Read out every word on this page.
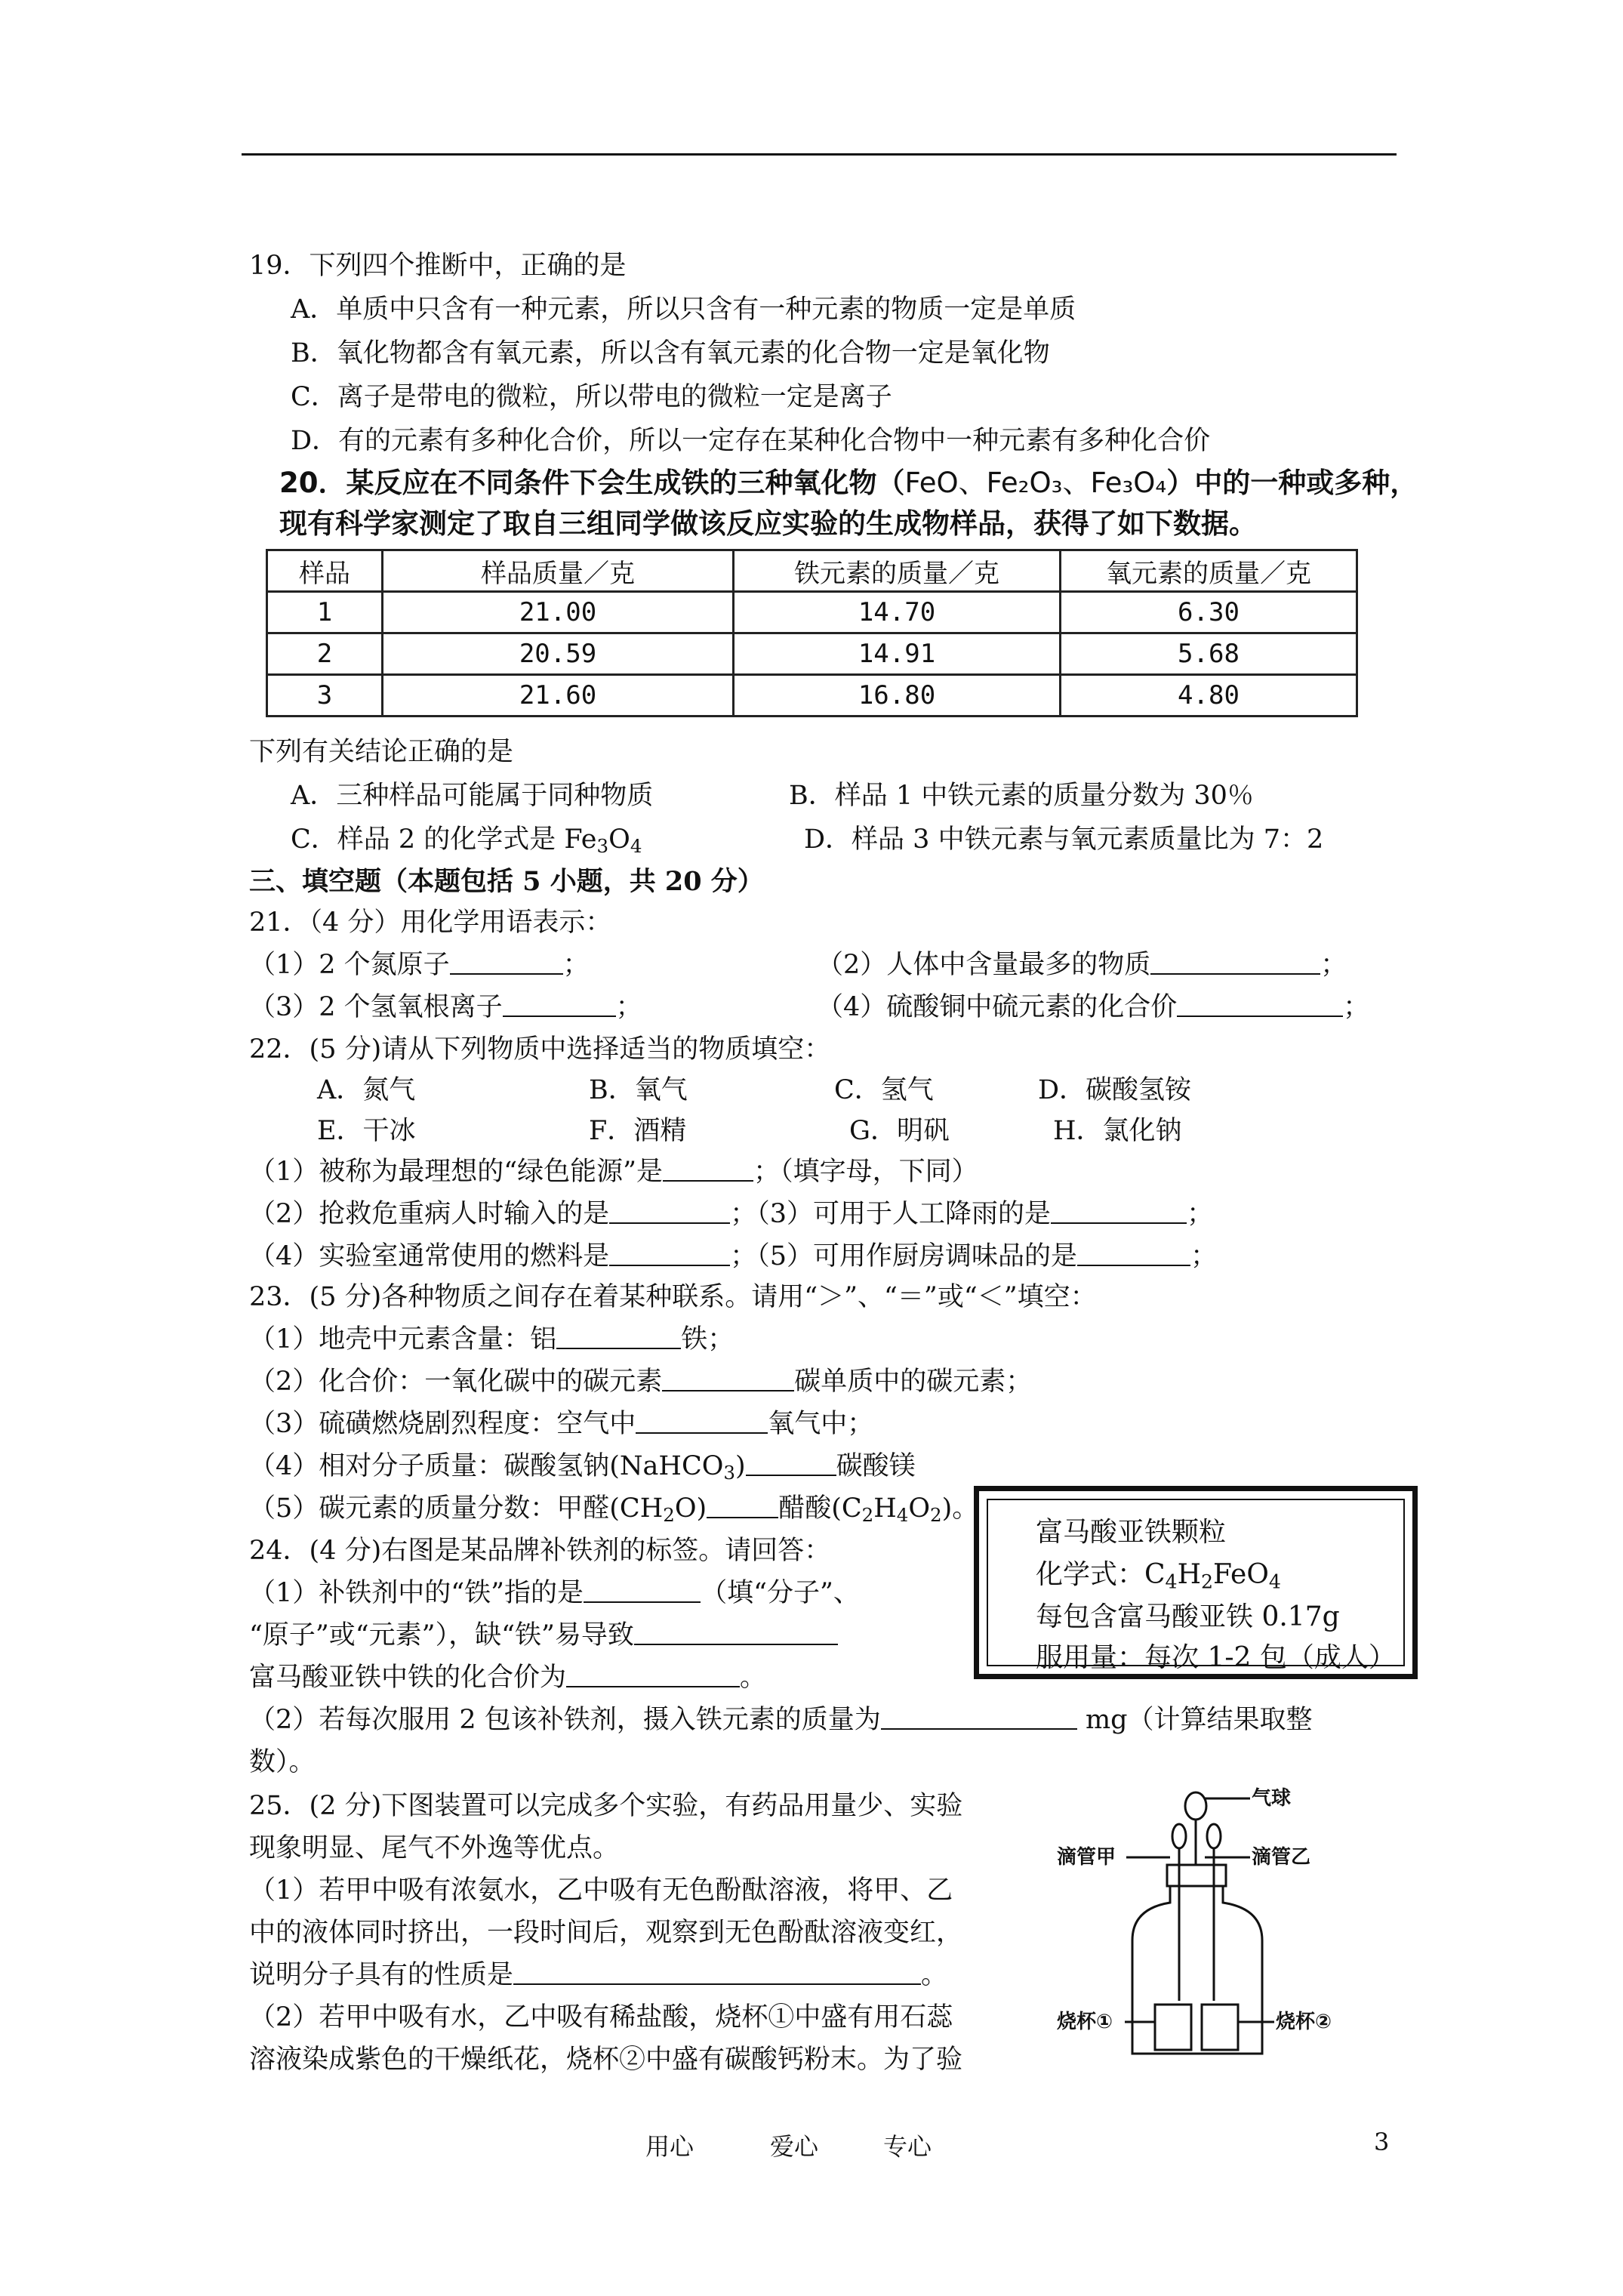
19．下列四个推断中，正确的是
A．单质中只含有一种元素，所以只含有一种元素的物质一定是单质
B．氧化物都含有氧元素，所以含有氧元素的化合物一定是氧化物
C．离子是带电的微粒，所以带电的微粒一定是离子
D．有的元素有多种化合价，所以一定存在某种化合物中一种元素有多种化合价
20．某反应在不同条件下会生成铁的三种氧化物（FeO、Fe₂O₃、Fe₃O₄）中的一种或多种，
现有科学家测定了取自三组同学做该反应实验的生成物样品，获得了如下数据。
样品	样品质量／克	铁元素的质量／克	氧元素的质量／克
1	21.00	14.70	6.30
2	20.59	14.91	5.68
3	21.60	16.80	4.80
下列有关结论正确的是
A．三种样品可能属于同种物质	B．样品 1 中铁元素的质量分数为 30％
C．样品 2 的化学式是 $Fe_3O_4$	D．样品 3 中铁元素与氧元素质量比为 7：2
三、填空题（本题包括 5 小题，共 20 分）
21．（4 分）用化学用语表示：
（1）2 个氮原子	；	（2）人体中含量最多的物质	；
（3）2 个氢氧根离子	；	（4）硫酸铜中硫元素的化合价	；
22．(5 分)请从下列物质中选择适当的物质填空：
A．氮气	B．氧气	C．氢气	D．碳酸氢铵
E．干冰	F．酒精	G．明矾	H．氯化钠
（1）被称为最理想的“绿色能源”是	；（填字母，下同）
（2）抢救危重病人时输入的是	；（3）可用于人工降雨的是	；
（4）实验室通常使用的燃料是	；（5）可用作厨房调味品的是	；
23．(5 分)各种物质之间存在着某种联系。请用“＞”、“＝”或“＜”填空：
（1）地壳中元素含量：铝	铁；
（2）化合价：一氧化碳中的碳元素	碳单质中的碳元素；
（3）硫磺燃烧剧烈程度：空气中	氧气中；
（4）相对分子质量：碳酸氢钠(NaHCO$_3$)	碳酸镁
（5）碳元素的质量分数：甲醛$(CH_2O)$	醋酸$(C_2H_4O_2)$。
24．(4 分)右图是某品牌补铁剂的标签。请回答：
（1）补铁剂中的“铁”指的是	（填“分子”、
“原子”或“元素”），缺“铁”易导致
富马酸亚铁中铁的化合价为	。
（2）若每次服用 2 包该补铁剂，摄入铁元素的质量为	mg（计算结果取整
数）。
富马酸亚铁颗粒
化学式：$C_4H_2FeO_4$
每包含富马酸亚铁 0.17g
服用量：每次 1-2 包（成人）
25．(2 分)下图装置可以完成多个实验，有药品用量少、实验
现象明显、尾气不外逸等优点。
（1）若甲中吸有浓氨水，乙中吸有无色酚酞溶液，将甲、乙
中的液体同时挤出，一段时间后，观察到无色酚酞溶液变红，
说明分子具有的性质是	。
（2）若甲中吸有水，乙中吸有稀盐酸，烧杯①中盛有用石蕊
溶液染成紫色的干燥纸花，烧杯②中盛有碳酸钙粉末。为了验
气球
滴管甲	滴管乙
烧杯①	烧杯②
用心	爱心	专心	3
